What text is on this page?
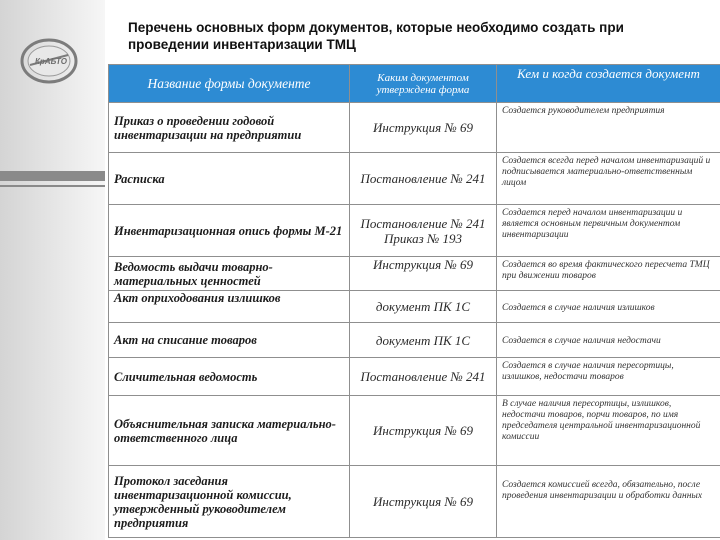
КрАБТО
Перечень основных форм документов, которые необходимо создать при
проведении инвентаризации ТМЦ
Название формы документе	Каким документом утверждена форма	Кем и когда создается документ
Приказ о проведении годовой инвентаризации на предприятии	Инструкция № 69	Создается руководителем предприятия
Расписка	Постановление № 241	Создается всегда перед началом инвентаризаций и подписывается материально-ответственным лицом
Инвентаризационная опись формы М-21	Постановление № 241 Приказ № 193	Создается перед началом инвентаризации и является основным первичным документом инвентаризации
Ведомость выдачи товарно-материальных ценностей	Инструкция № 69	Создается во время фактического пересчета ТМЦ при движении товаров
Акт оприходования излишков	документ ПК 1С	Создается в случае наличия излишков
Акт на списание товаров	документ ПК 1С	Создается в случае наличия недостачи
Сличительная ведомость	Постановление № 241	Создается в случае наличия пересортицы, излишков, недостачи товаров
Объяснительная записка материально-ответственного лица	Инструкция № 69	В случае наличия пересортицы, излишков, недостачи товаров, порчи товаров, по имя председателя центральной инвентаризационной комиссии
Протокол заседания инвентаризационной комиссии, утвержденный руководителем предприятия	Инструкция № 69	Создается комиссией всегда, обязательно, после проведения инвентаризации и обработки данных
